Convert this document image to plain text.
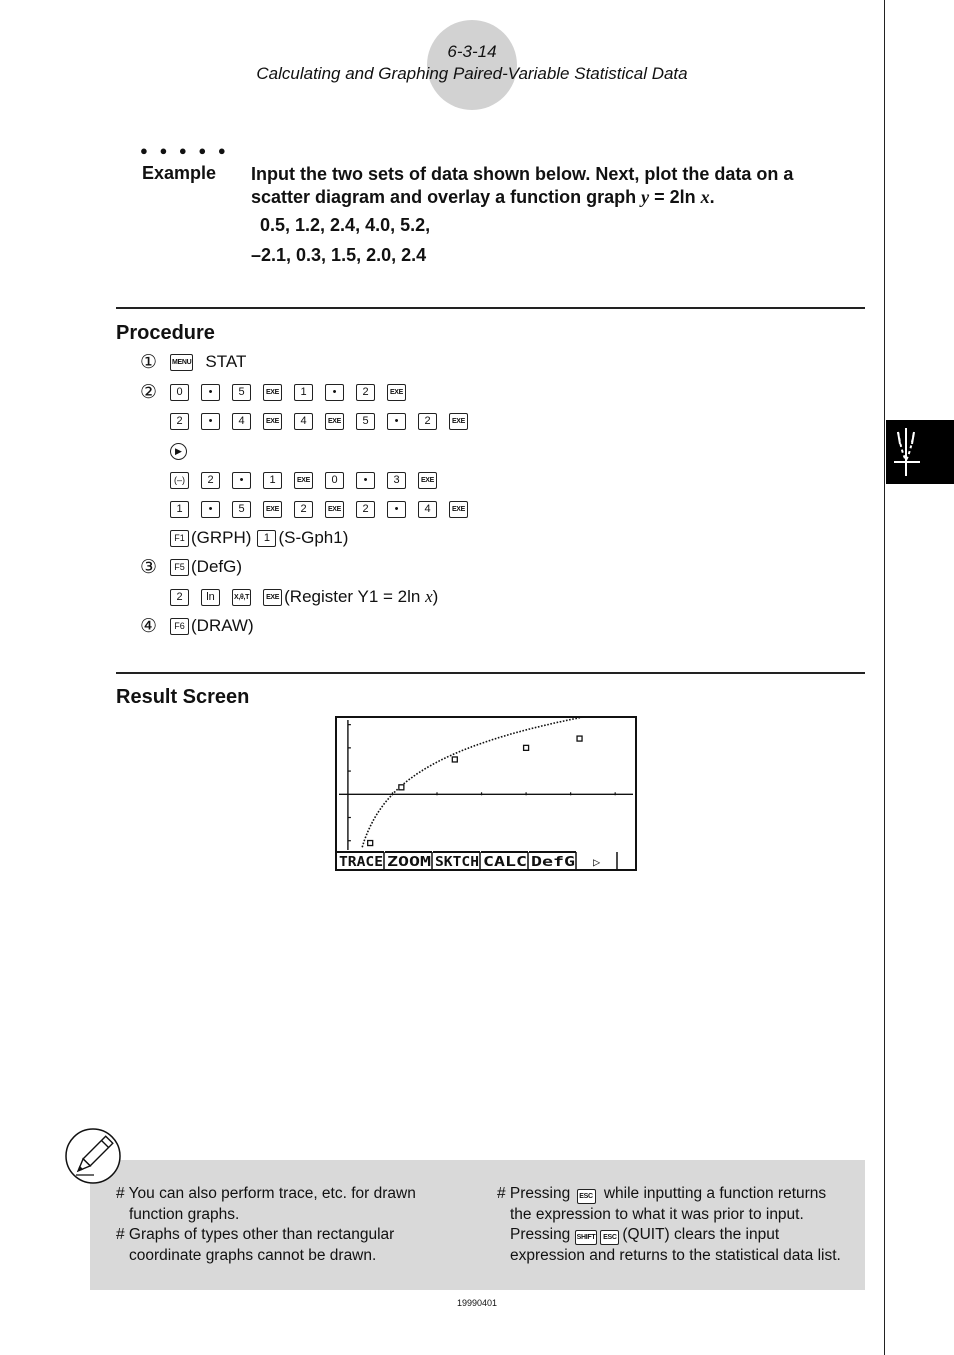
6-3-14
Calculating and Graphing Paired-Variable Statistical Data
● ● ● ● ●
Example Input the two sets of data shown below. Next, plot the data on a
scatter diagram and overlay a function graph y = 2ln x.
0.5, 1.2, 2.4, 4.0, 5.2,
–2.1, 0.3, 1.5, 2.0, 2.4
Procedure
①	MENU STAT
②	0	•	5	EXE	1	•	2	EXE
2	•	4	EXE	4	EXE	5	•	2	EXE
▶
(–)	2	•	1	EXE	0	•	3	EXE
1	•	5	EXE	2	EXE	2	•	4	EXE
F1 (GRPH)	1 (S-Gph1)
③	F5 (DefG)
2	ln	X,θ,T	EXE (Register Y1 = 2ln x)
④	F6 (DRAW)
Result Screen
TRACE ZOOM SKTCH CALC DefG ▷
# You can also perform trace, etc. for drawn
function graphs.
# Graphs of types other than rectangular
coordinate graphs cannot be drawn.
# Pressing ESC while inputting a function returns
the expression to what it was prior to input.
Pressing SHIFT ESC (QUIT) clears the input
expression and returns to the statistical data list.
19990401
